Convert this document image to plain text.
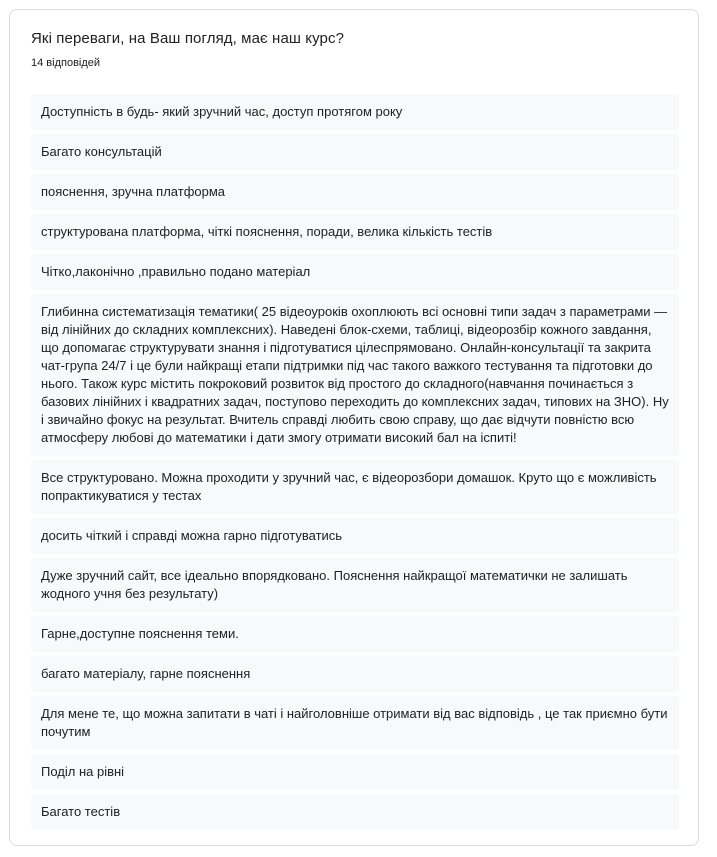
Які переваги, на Ваш погляд, має наш курс?
14 відповідей
Доступність в будь- який зручний час, доступ протягом року
Багато консультацій
пояснення, зручна платформа
структурована платформа, чіткі пояснення, поради, велика кількість тестів
Чітко,лаконічно ,правильно подано матеріал
Глибинна систематизація тематики( 25 відеоуроків охоплюють всі основні типи задач з параметрами — від лінійних до складних комплексних). Наведені блок-схеми, таблиці, відеорозбір кожного завдання, що допомагає структурувати знання і підготуватися цілеспрямовано. Онлайн-консультації та закрита чат-група 24/7 і це були найкращі етапи підтримки під час такого важкого тестування та підготовки до нього. Також курс містить покроковий розвиток від простого до складного(навчання починається з базових лінійних і квадратних задач, поступово переходить до комплексних задач, типових на ЗНО). Ну і звичайно фокус на результат. Вчитель справді любить свою справу, що дає відчути повністю всю атмосферу любові до математики і дати змогу отримати високий бал на іспиті!
Все структуровано. Можна проходити у зручний час, є відеорозбори домашок. Круто що є можливість попрактикуватися у тестах
досить чіткий і справді можна гарно підготуватись
Дуже зручний сайт, все ідеально впорядковано. Пояснення найкращої математички не залишать жодного учня без результату)
Гарне,доступне пояснення теми.
багато матеріалу, гарне пояснення
Для мене те, що можна запитати в чаті і найголовніше отримати від вас відповідь , це так приємно бути почутим
Поділ на рівні
Багато тестів
